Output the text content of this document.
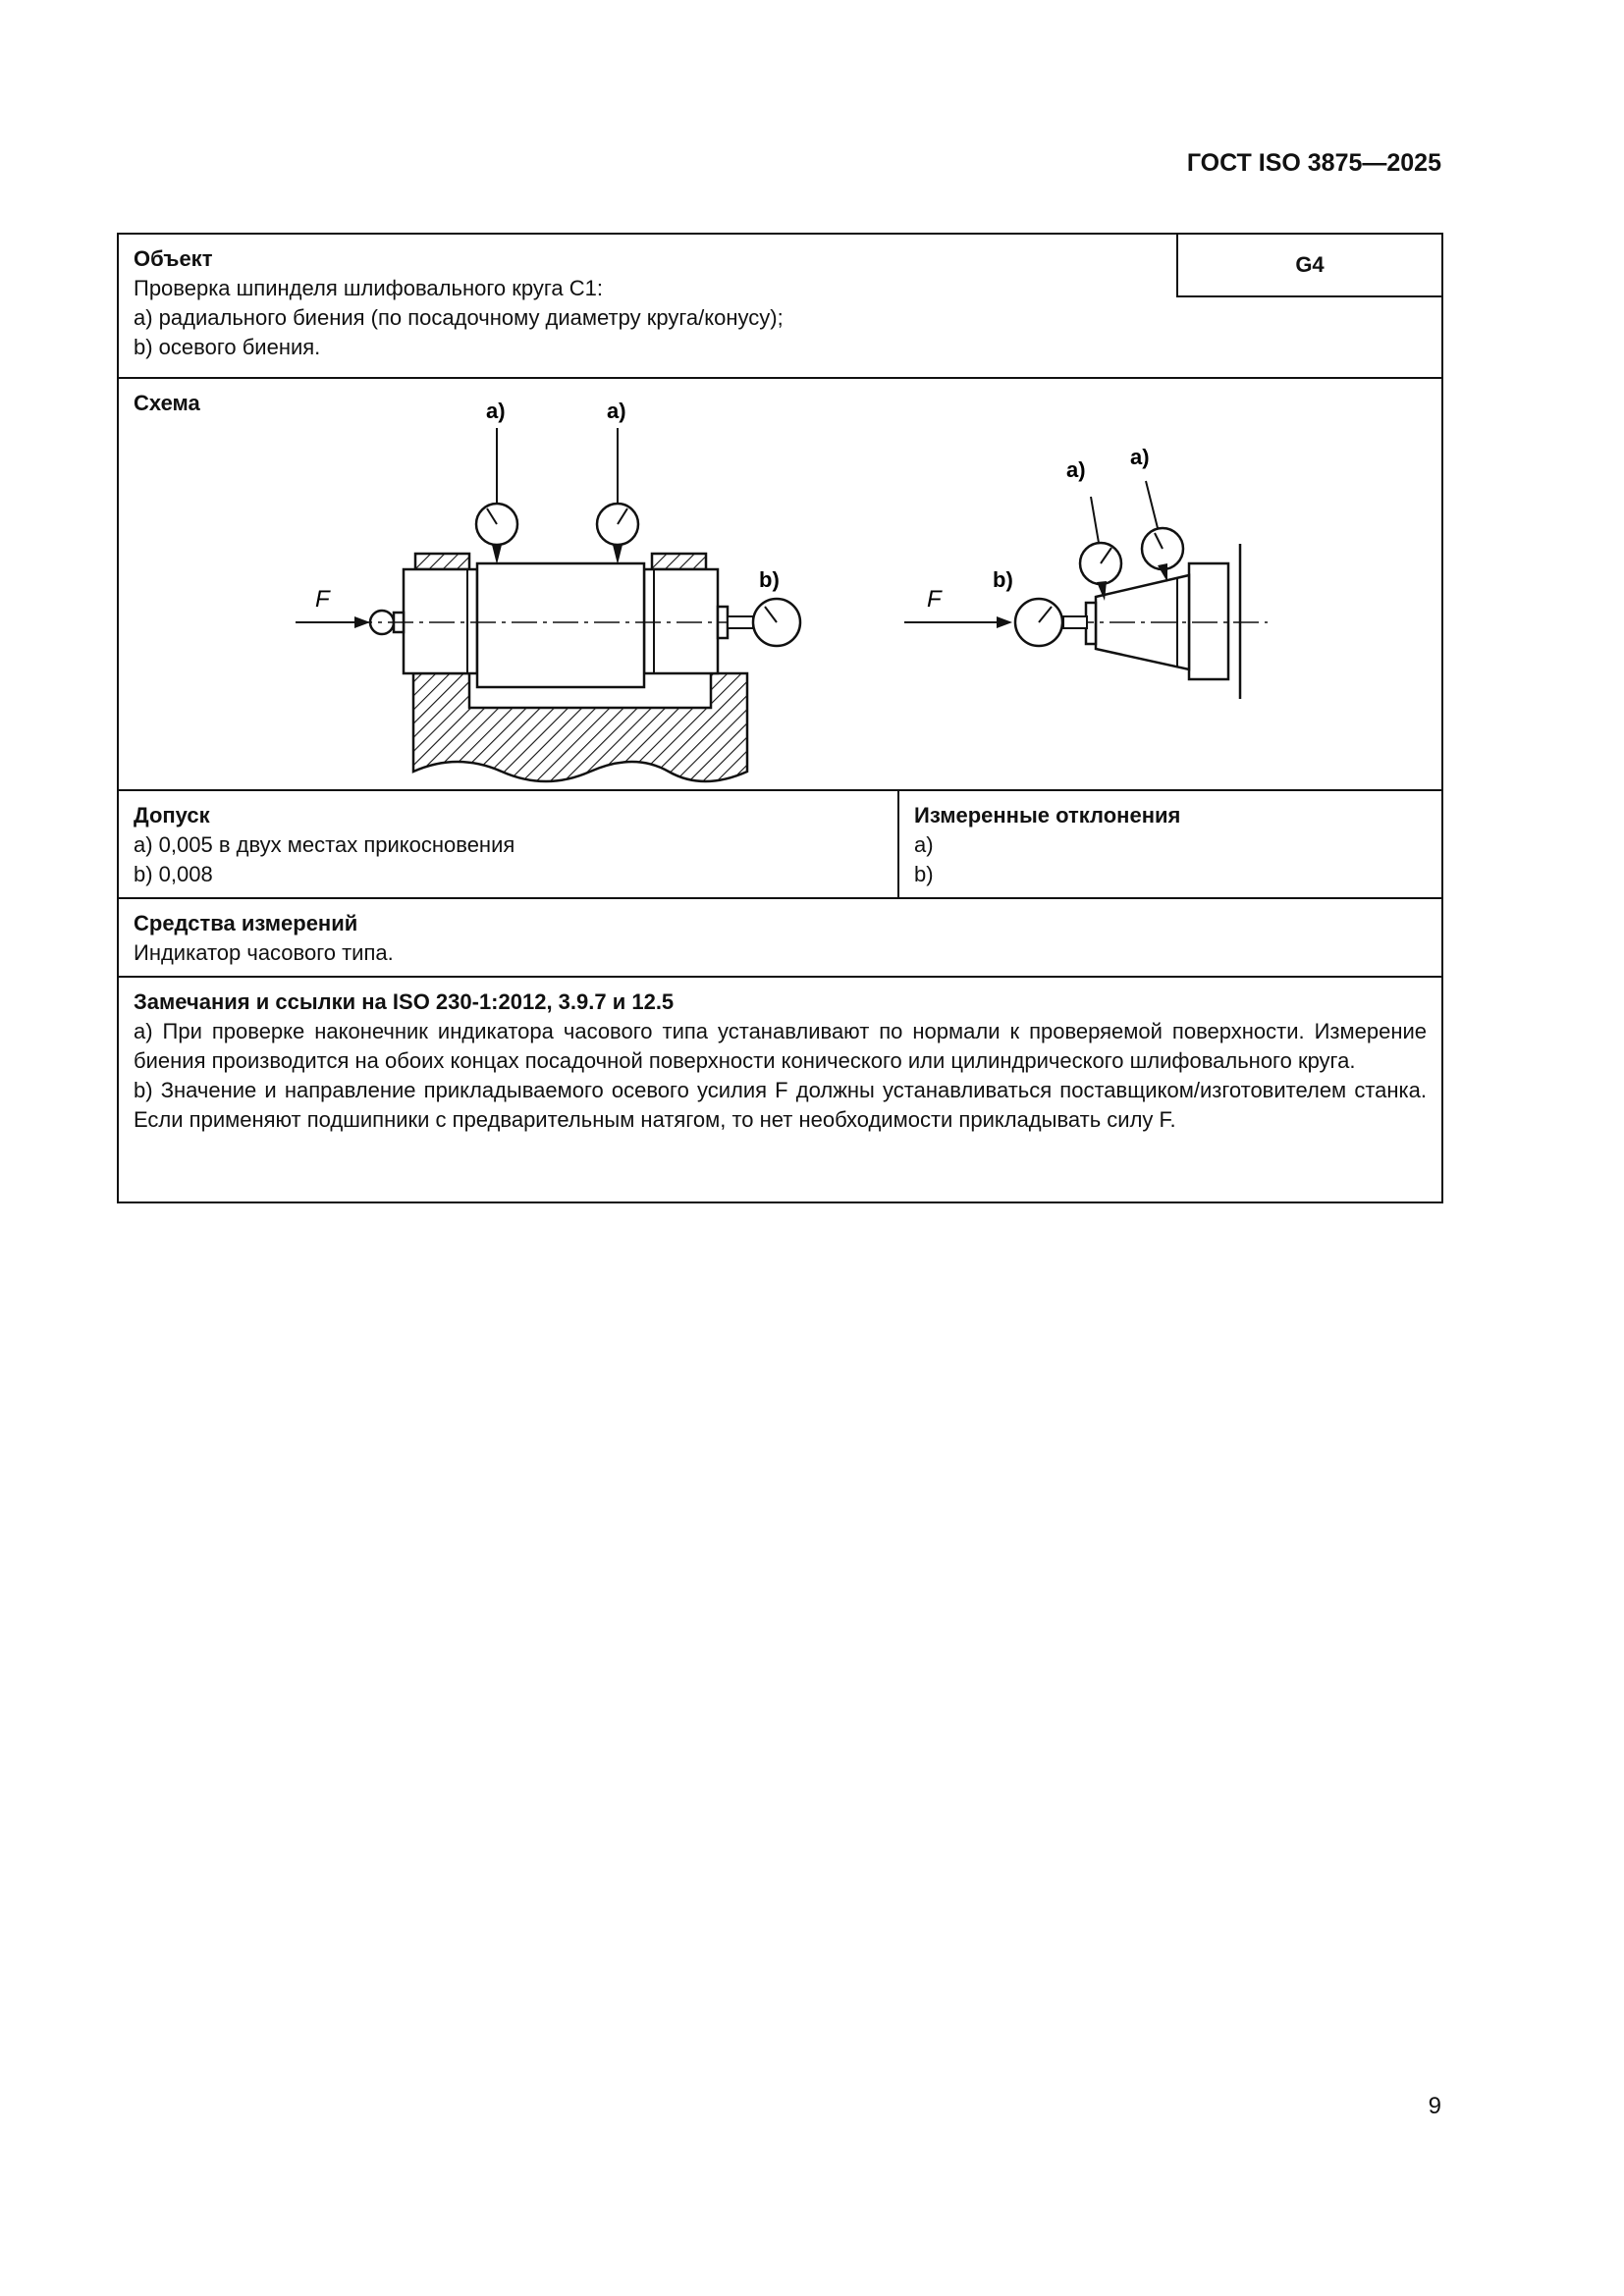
ГОСТ ISO 3875—2025
Объект
Проверка шпинделя шлифовального круга C1:
а) радиального биения (по посадочному диаметру круга/конусу);
b) осевого биения.
G4
Схема
F
а)	а)
b)	b)
F
а)
а)
Допуск
а) 0,005 в двух местах прикосновения
b) 0,008
Измеренные отклонения
а)
b)
Средства измерений
Индикатор часового типа.
Замечания и ссылки на ISO 230-1:2012, 3.9.7 и 12.5
а) При проверке наконечник индикатора часового типа устанавливают по нормали к проверяемой поверхности. Измерение биения производится на обоих концах посадочной поверхности конического или цилиндрического шлифовального круга.
b) Значение и направление прикладываемого осевого усилия F должны устанавливаться поставщиком/изготовителем станка. Если применяют подшипники с предварительным натягом, то нет необходимости прикладывать силу F.
9
